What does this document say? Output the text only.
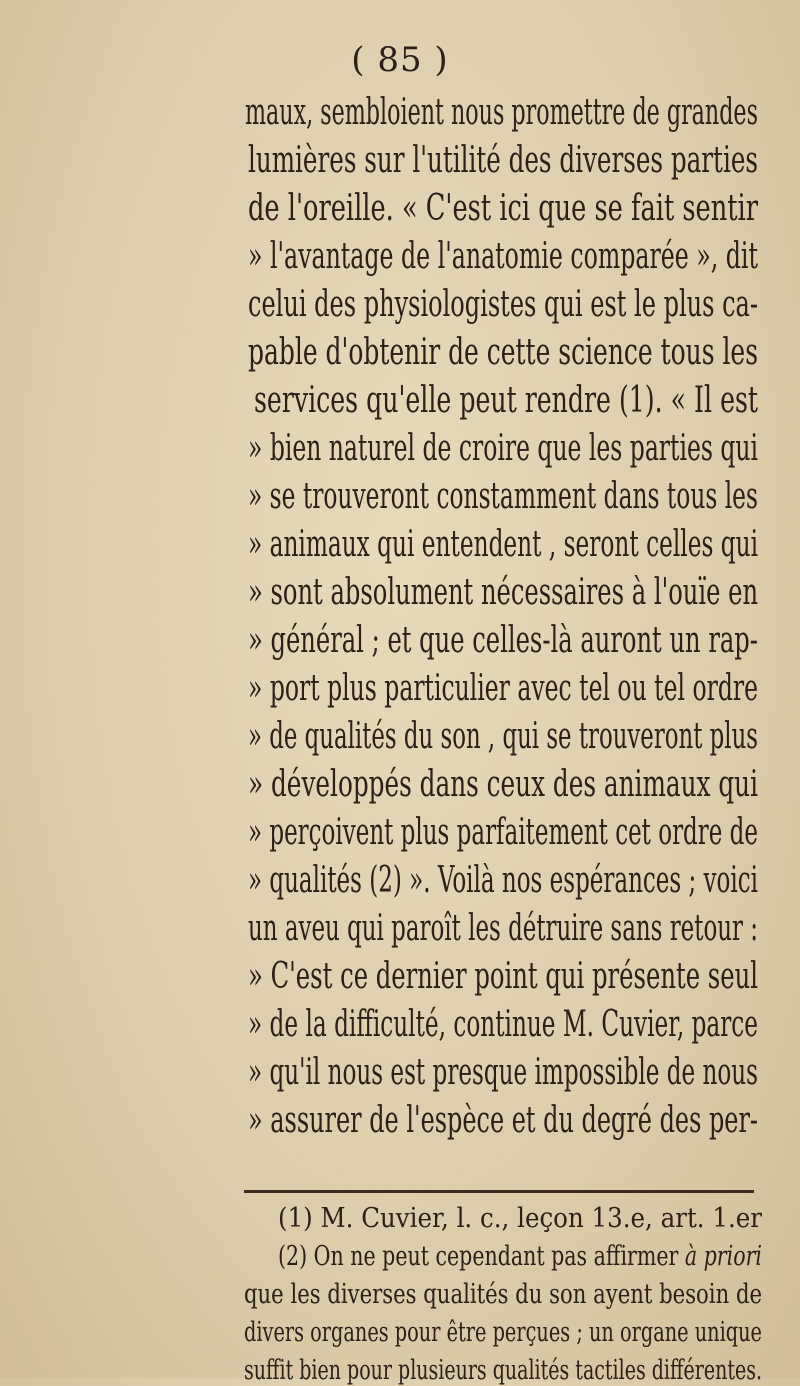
( 85 )
maux, sembloient nous promettre de grandes
lumières sur l'utilité des diverses parties
de l'oreille. « C'est ici que se fait sentir
» l'avantage de l'anatomie comparée », dit
celui des physiologistes qui est le plus ca-
pable d'obtenir de cette science tous les
services qu'elle peut rendre (1). « Il est
» bien naturel de croire que les parties qui
» se trouveront constamment dans tous les
» animaux qui entendent , seront celles qui
» sont absolument nécessaires à l'ouïe en
» général ; et que celles-là auront un rap-
» port plus particulier avec tel ou tel ordre
» de qualités du son , qui se trouveront plus
» développés dans ceux des animaux qui
» perçoivent plus parfaitement cet ordre de
» qualités (2) ». Voilà nos espérances ; voici
un aveu qui paroît les détruire sans retour :
» C'est ce dernier point qui présente seul
» de la difficulté, continue M. Cuvier, parce
» qu'il nous est presque impossible de nous
» assurer de l'espèce et du degré des per-
(1) M. Cuvier, l. c., leçon 13.e, art. 1.er
(2) On ne peut cependant pas affirmer à priori
que les diverses qualités du son ayent besoin de
divers organes pour être perçues ; un organe unique
suffit bien pour plusieurs qualités tactiles différentes.
